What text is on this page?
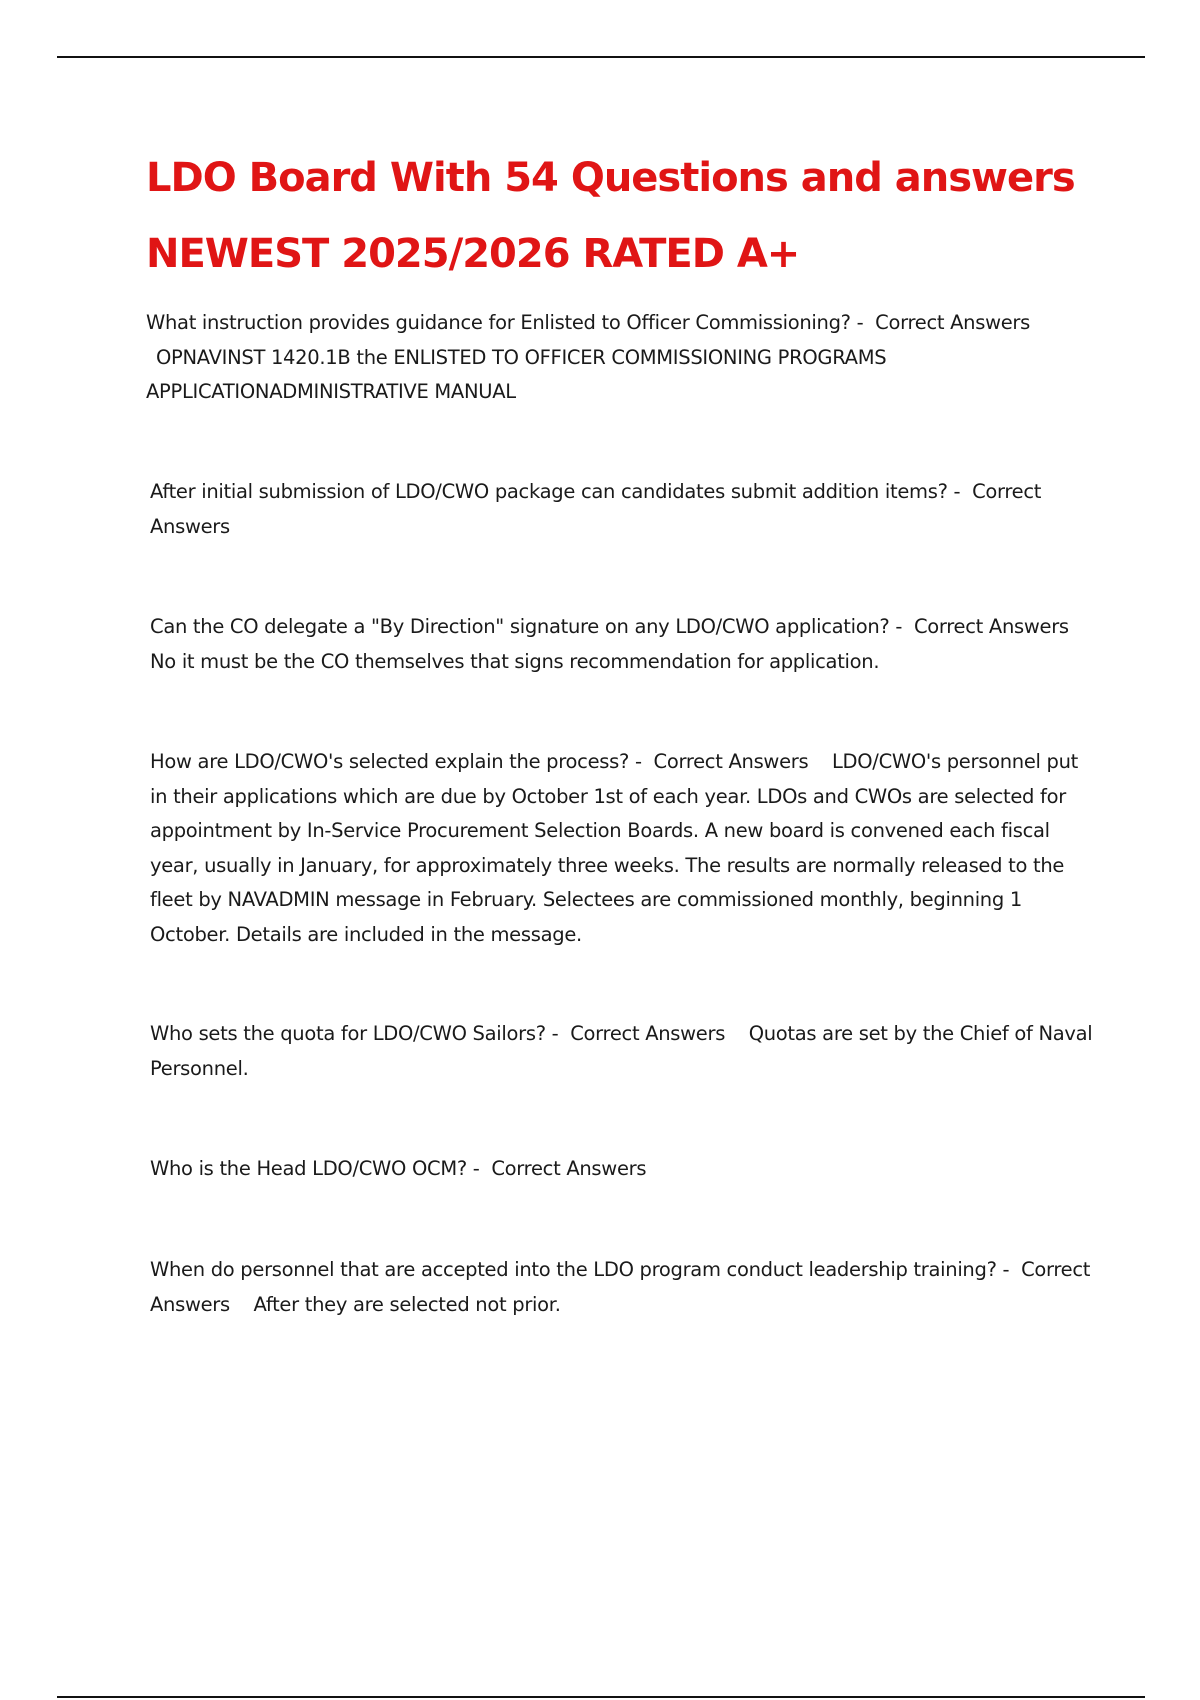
LDO Board With 54 Questions and answers
NEWEST 2025/2026 RATED A+

What instruction provides guidance for Enlisted to Officer Commissioning? - Correct Answers
OPNAVINST 1420.1B the ENLISTED TO OFFICER COMMISSIONING PROGRAMS APPLICATIONADMINISTRATIVE MANUAL

After initial submission of LDO/CWO package can candidates submit addition items? - Correct Answers

Can the CO delegate a "By Direction" signature on any LDO/CWO application? - Correct Answers    No it must be the CO themselves that signs recommendation for application.

How are LDO/CWO's selected explain the process? - Correct Answers LDO/CWO's personnel put in their applications which are due by October 1st of each year. LDOs and CWOs are selected for appointment by In-Service Procurement Selection Boards. A new board is convened each fiscal year, usually in January, for approximately three weeks. The results are normally released to the fleet by NAVADMIN message in February. Selectees are commissioned monthly, beginning 1 October. Details are included in the message.

Who sets the quota for LDO/CWO Sailors? - Correct Answers Quotas are set by the Chief of Naval Personnel.

Who is the Head LDO/CWO OCM? - Correct Answers

When do personnel that are accepted into the LDO program conduct leadership training? - Correct Answers After they are selected not prior.
